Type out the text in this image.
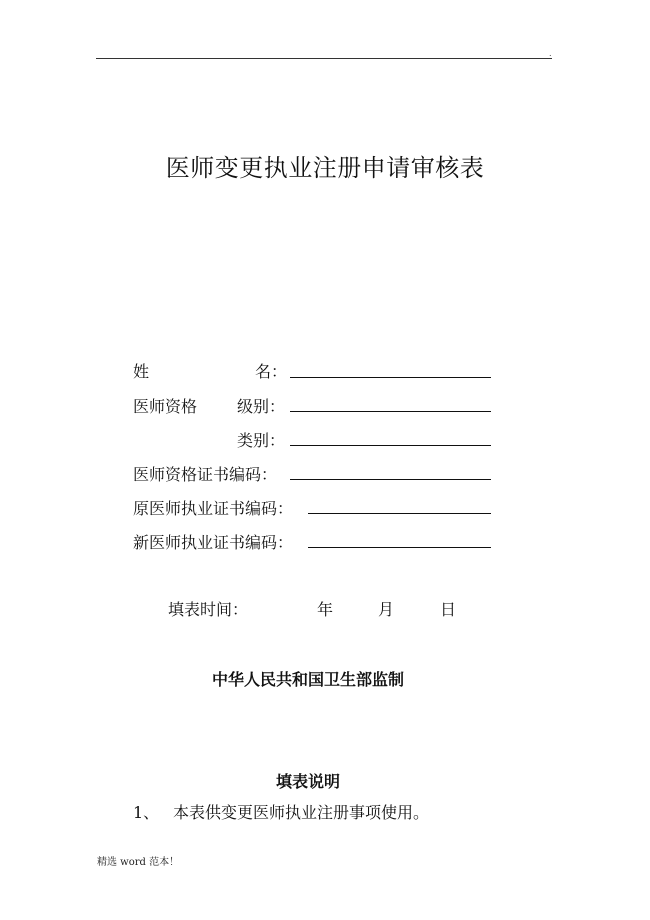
.
医师变更执业注册申请审核表
姓	名：
医师资格 级别：
类别：
医师资格证书编码：
原医师执业证书编码：
新医师执业证书编码：
填表时间：	年	月	日
中华人民共和国卫生部监制
填表说明
1、 本表供变更医师执业注册事项使用。
精选 word 范本！
